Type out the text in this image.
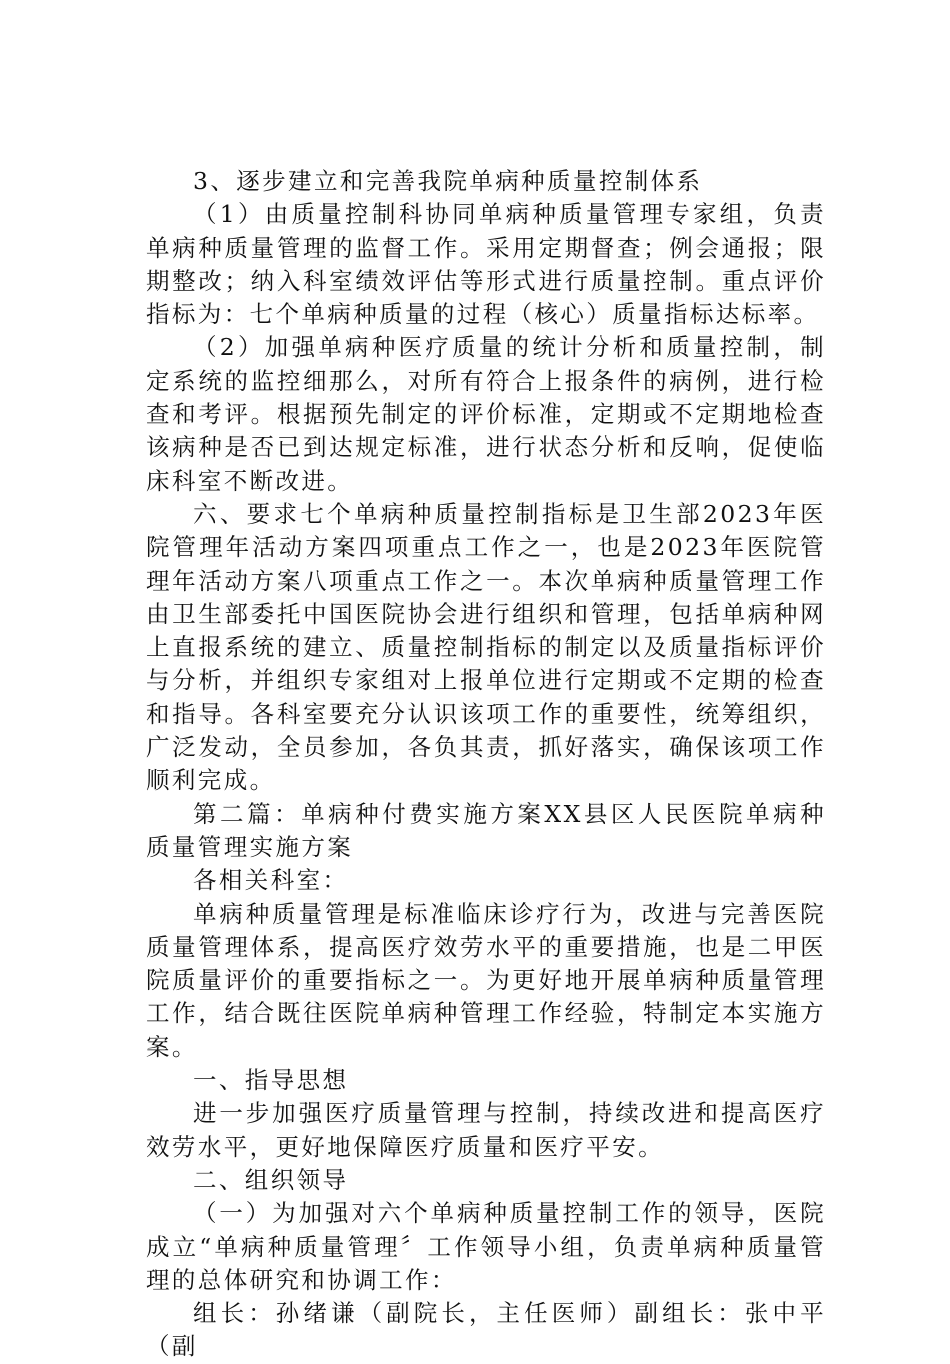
3、逐步建立和完善我院单病种质量控制体系

（1）由质量控制科协同单病种质量管理专家组，负责单病种质量管理的监督工作。采用定期督查；例会通报；限期整改；纳入科室绩效评估等形式进行质量控制。重点评价指标为：七个单病种质量的过程（核心）质量指标达标率。

（2）加强单病种医疗质量的统计分析和质量控制，制定系统的监控细那么，对所有符合上报条件的病例，进行检查和考评。根据预先制定的评价标准，定期或不定期地检查该病种是否已到达规定标准，进行状态分析和反响，促使临床科室不断改进。

六、要求七个单病种质量控制指标是卫生部2023年医院管理年活动方案四项重点工作之一，也是2023年医院管理年活动方案八项重点工作之一。本次单病种质量管理工作由卫生部委托中国医院协会进行组织和管理，包括单病种网上直报系统的建立、质量控制指标的制定以及质量指标评价与分析，并组织专家组对上报单位进行定期或不定期的检查和指导。各科室要充分认识该项工作的重要性，统筹组织，广泛发动，全员参加，各负其责，抓好落实，确保该项工作顺利完成。

第二篇：单病种付费实施方案XX县区人民医院单病种质量管理实施方案

各相关科室：

单病种质量管理是标准临床诊疗行为，改进与完善医院质量管理体系，提高医疗效劳水平的重要措施，也是二甲医院质量评价的重要指标之一。为更好地开展单病种质量管理工作，结合既往医院单病种管理工作经验，特制定本实施方案。

一、指导思想

进一步加强医疗质量管理与控制，持续改进和提高医疗效劳水平，更好地保障医疗质量和医疗平安。

二、组织领导

（一）为加强对六个单病种质量控制工作的领导，医院成立“单病种质量管理〞工作领导小组，负责单病种质量管理的总体研究和协调工作：

组长：孙绪谦（副院长，主任医师）副组长：张中平（副
